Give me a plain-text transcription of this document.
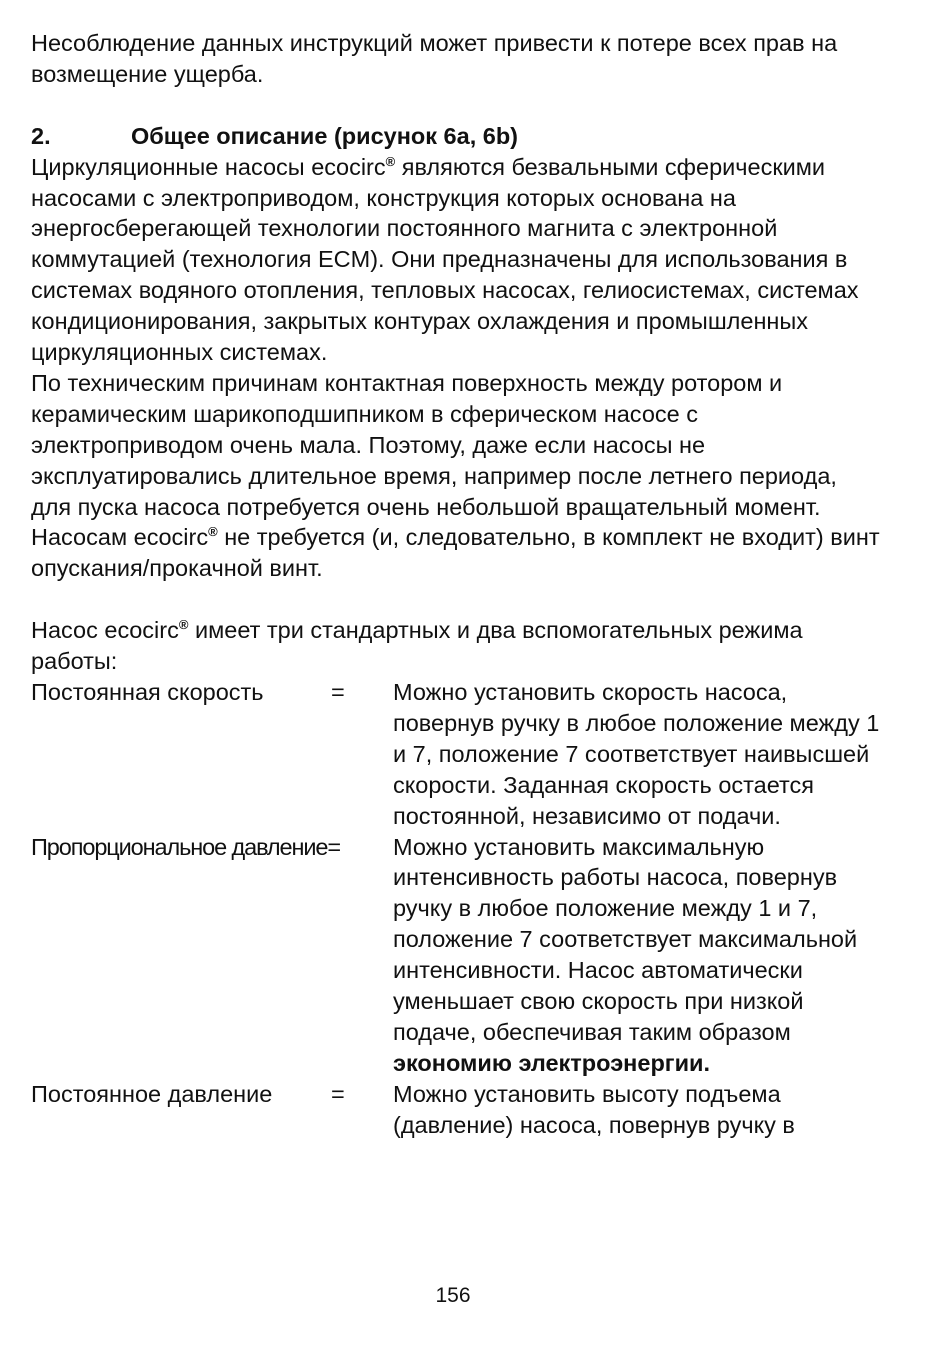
Несоблюдение данных инструкций может привести к потере всех прав на возмещение ущерба.

2.	Общее описание (рисунок 6a, 6b)

Циркуляционные насосы ecocirc® являются безвальными сферическими насосами с электроприводом, конструкция которых основана на энергосберегающей технологии постоянного магнита с электронной коммутацией (технология ECM). Они предназначены для использования в системах водяного отопления, тепловых насосах, гелиосистемах, системах кондиционирования, закрытых контурах охлаждения и промышленных циркуляционных системах.

По техническим причинам контактная поверхность между ротором и керамическим шарикоподшипником в сферическом насосе с электроприводом очень мала. Поэтому, даже если насосы не эксплуатировались длительное время, например после летнего периода, для пуска насоса потребуется очень небольшой вращательный момент. Насосам ecocirc® не требуется (и, следовательно, в комплект не входит) винт опускания/прокачной винт.

Насос ecocirc® имеет три стандартных и два вспомогательных режима работы:

Постоянная скорость	=	Можно установить скорость насоса, повернув ручку в любое положение между 1 и 7, положение 7 соответствует наивысшей скорости. Заданная скорость остается постоянной, независимо от подачи.
Пропорциональное давление=	Можно установить максимальную интенсивность работы насоса, повернув ручку в любое положение между 1 и 7, положение 7 соответствует максимальной интенсивности. Насос автоматически уменьшает свою скорость при низкой подаче, обеспечивая таким образом экономию электроэнергии.
Постоянное давление	=	Можно установить высоту подъема (давление) насоса, повернув ручку в
156
